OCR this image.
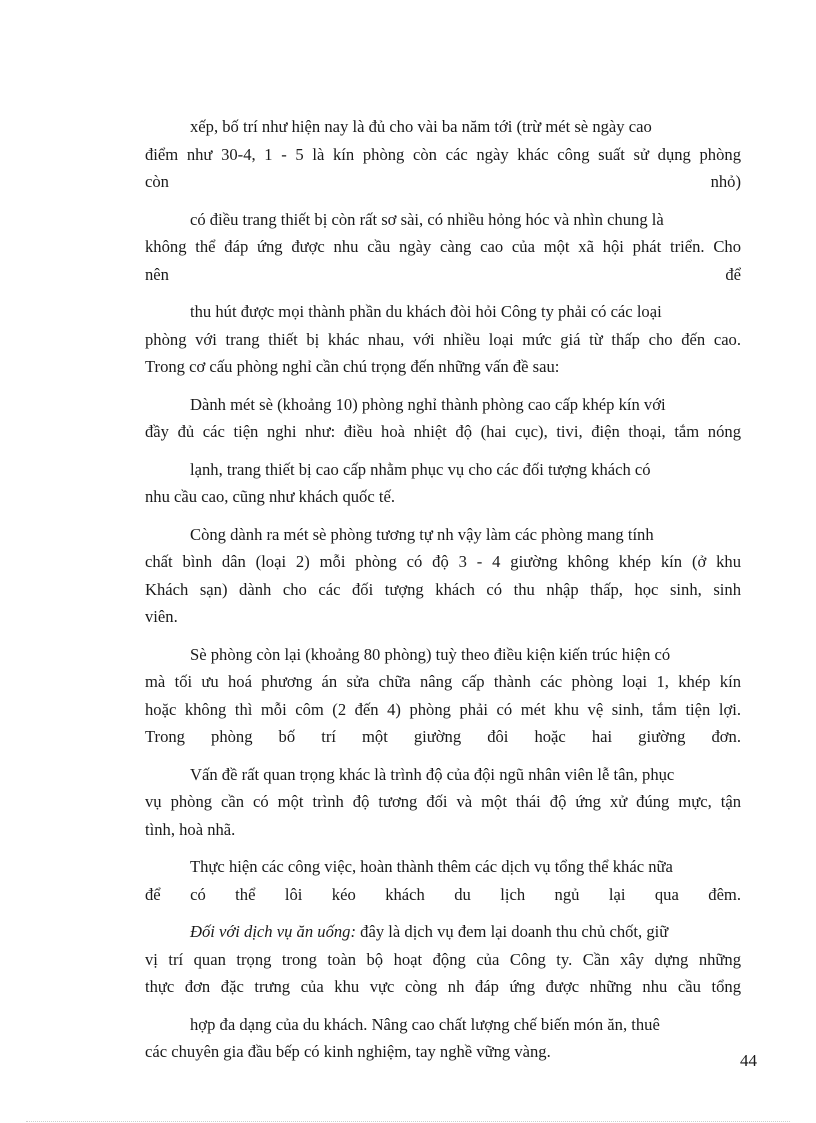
xếp, bố trí như hiện nay là đủ cho vài ba năm tới (trừ mét sè ngày cao
điểm như 30-4, 1 - 5 là kín phòng còn các ngày khác công suất sử dụng phòng
còn	nhỏ)
có điều trang thiết bị còn rất sơ sài, có nhiều hỏng hóc và nhìn chung là
không thể đáp ứng được nhu cầu ngày càng cao của một xã hội phát triển. Cho
nên	để
thu hút được mọi thành phần du khách đòi hỏi Công ty phải có các loại
phòng với trang thiết bị khác nhau, với nhiều loại mức giá từ thấp cho đến cao.
Trong cơ cấu phòng nghỉ cần chú trọng đến những vấn đề sau:
Dành mét sè (khoảng 10) phòng nghỉ thành phòng cao cấp khép kín với
đầy đủ các tiện nghi như: điều hoà nhiệt độ (hai cục), tivi, điện thoại, tắm nóng
lạnh, trang thiết bị cao cấp nhằm phục vụ cho các đối tượng khách có
nhu cầu cao, cũng như khách quốc tế.
Còng dành ra mét sè phòng tương tự nh vậy làm các phòng mang tính
chất bình dân (loại 2) mỗi phòng có độ 3 - 4 giường không khép kín (ở khu
Khách sạn) dành cho các đối tượng khách có thu nhập thấp, học sinh, sinh
viên.
Sè phòng còn lại (khoảng 80 phòng) tuỳ theo điều kiện kiến trúc hiện có
mà tối ưu hoá phương án sửa chữa nâng cấp thành các phòng loại 1, khép kín
hoặc không thì mỗi côm (2 đến 4) phòng phải có mét khu vệ sinh, tắm tiện lợi.
Trong phòng bố trí một giường đôi hoặc hai giường đơn.
Vấn đề rất quan trọng khác là trình độ của đội ngũ nhân viên lễ tân, phục
vụ phòng cần có một trình độ tương đối và một thái độ ứng xử đúng mực, tận
tình, hoà nhã.
Thực hiện các công việc, hoàn thành thêm các dịch vụ tổng thể khác nữa
để có thể lôi kéo khách du lịch ngủ lại qua đêm.
Đối với dịch vụ ăn uống: đây là dịch vụ đem lại doanh thu chủ chốt, giữ
vị trí quan trọng trong toàn bộ hoạt động của Công ty. Cần xây dựng những
thực đơn đặc trưng của khu vực còng nh đáp ứng được những nhu cầu tổng
hợp đa dạng của du khách. Nâng cao chất lượng chế biến món ăn, thuê
các chuyên gia đầu bếp có kinh nghiệm, tay nghề vững vàng.	44
